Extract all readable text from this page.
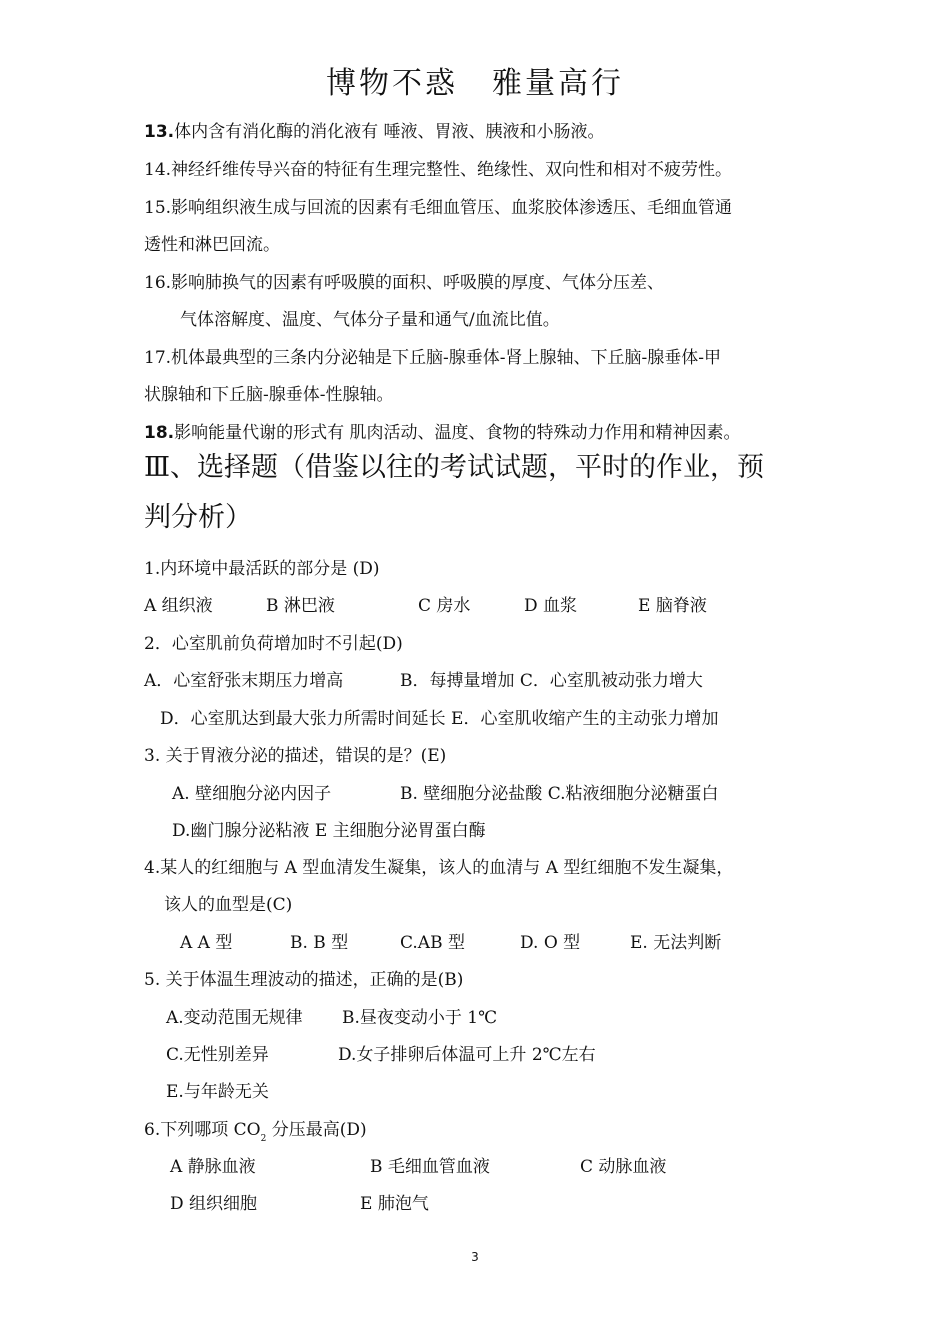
博物不惑 雅量高行
13.体内含有消化酶的消化液有 唾液、胃液、胰液和小肠液。
14.神经纤维传导兴奋的特征有生理完整性、绝缘性、双向性和相对不疲劳性。
15.影响组织液生成与回流的因素有毛细血管压、血浆胶体渗透压、毛细血管通
透性和淋巴回流。
16.影响肺换气的因素有呼吸膜的面积、呼吸膜的厚度、气体分压差、
气体溶解度、温度、气体分子量和通气/血流比值。
17.机体最典型的三条内分泌轴是下丘脑-腺垂体-肾上腺轴、下丘脑-腺垂体-甲
状腺轴和下丘脑-腺垂体-性腺轴。
18.影响能量代谢的形式有 肌肉活动、温度、食物的特殊动力作用和精神因素。
Ⅲ、选择题（借鉴以往的考试试题，平时的作业，预
判分析）
1.内环境中最活跃的部分是 (D)
A 组织液	B 淋巴液	C 房水	D 血浆	E 脑脊液
2．心室肌前负荷增加时不引起(D)
A．心室舒张末期压力增高	B．每搏量增加 C．心室肌被动张力增大
D．心室肌达到最大张力所需时间延长 E．心室肌收缩产生的主动张力增加
3. 关于胃液分泌的描述，错误的是？(E)
A. 壁细胞分泌内因子	B. 壁细胞分泌盐酸 C.粘液细胞分泌糖蛋白
D.幽门腺分泌粘液 E 主细胞分泌胃蛋白酶
4.某人的红细胞与 A 型血清发生凝集，该人的血清与 A 型红细胞不发生凝集，
该人的血型是(C)
A A 型	B. B 型	C.AB 型	D. O 型	E. 无法判断
5. 关于体温生理波动的描述，正确的是(B)
A.变动范围无规律 B.昼夜变动小于 1℃
C.无性别差异	D.女子排卵后体温可上升 2℃左右
E.与年龄无关
6.下列哪项 $CO_2$ 分压最高(D)
A 静脉血液	B 毛细血管血液	C 动脉血液
D 组织细胞	E 肺泡气
3
